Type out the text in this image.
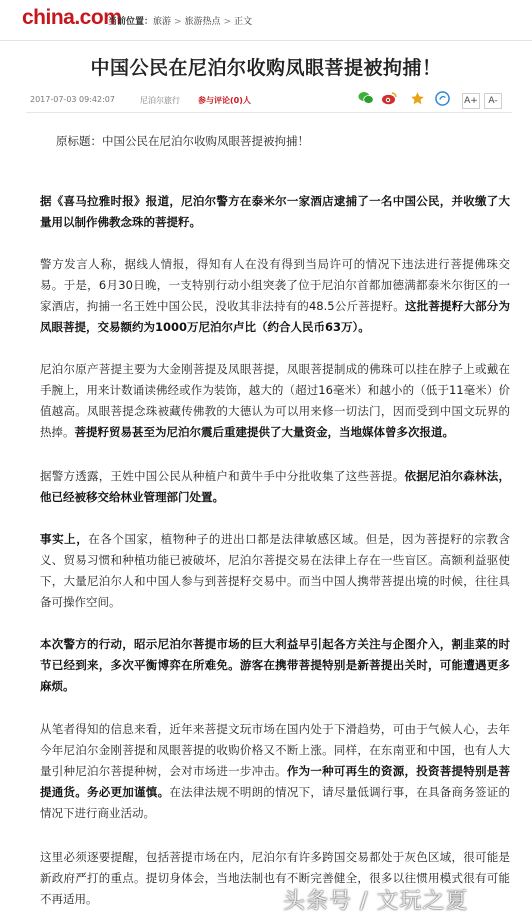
china.com
当前位置：旅游 > 旅游热点 > 正文
中国公民在尼泊尔收购凤眼菩提被拘捕！
2017-07-03 09:42:07	尼泊尔旅行 参与评论(0)人	A+	A-

原标题：中国公民在尼泊尔收购凤眼菩提被拘捕！

据《喜马拉雅时报》报道，尼泊尔警方在泰米尔一家酒店逮捕了一名中国公民，并收缴了大量用以制作佛教念珠的菩提籽。

警方发言人称，据线人情报，得知有人在没有得到当局许可的情况下违法进行菩提佛珠交易。于是，6月30日晚，一支特别行动小组突袭了位于尼泊尔首都加德满都泰米尔街区的一家酒店，拘捕一名王姓中国公民，没收其非法持有的48.5公斤菩提籽。这批菩提籽大部分为凤眼菩提，交易额约为1000万尼泊尔卢比（约合人民币63万）。

尼泊尔原产菩提主要为大金刚菩提及凤眼菩提，凤眼菩提制成的佛珠可以挂在脖子上或戴在手腕上，用来计数诵读佛经或作为装饰，越大的（超过16毫米）和越小的（低于11毫米）价值越高。凤眼菩提念珠被藏传佛教的大德认为可以用来修一切法门，因而受到中国文玩界的热捧。菩提籽贸易甚至为尼泊尔震后重建提供了大量资金，当地媒体曾多次报道。

据警方透露，王姓中国公民从种植户和黄牛手中分批收集了这些菩提。依据尼泊尔森林法，他已经被移交给林业管理部门处置。

事实上，在各个国家，植物种子的进出口都是法律敏感区域。但是，因为菩提籽的宗教含义、贸易习惯和种植功能已被破坏，尼泊尔菩提交易在法律上存在一些盲区。高额利益驱使下，大量尼泊尔人和中国人参与到菩提籽交易中。而当中国人携带菩提出境的时候，往往具备可操作空间。

本次警方的行动，昭示尼泊尔菩提市场的巨大利益早引起各方关注与企图介入，割韭菜的时节已经到来，多次平衡博弈在所难免。游客在携带菩提特别是新菩提出关时，可能遭遇更多麻烦。

从笔者得知的信息来看，近年来菩提文玩市场在国内处于下滑趋势，可由于气候人心，去年今年尼泊尔金刚菩提和凤眼菩提的收购价格又不断上涨。同样，在东南亚和中国，也有人大量引种尼泊尔菩提种树，会对市场进一步冲击。作为一种可再生的资源，投资菩提特别是菩提通货。务必更加谨慎。在法律法规不明朗的情况下，请尽量低调行事，在具备商务签证的情况下进行商业活动。

这里必须逐要提醒，包括菩提市场在内，尼泊尔有许多跨国交易都处于灰色区域，很可能是新政府严打的重点。提切身体会，当地法制也有不断完善健全，很多以往惯用模式很有可能不再适用。	头条号 / 文玩之夏
